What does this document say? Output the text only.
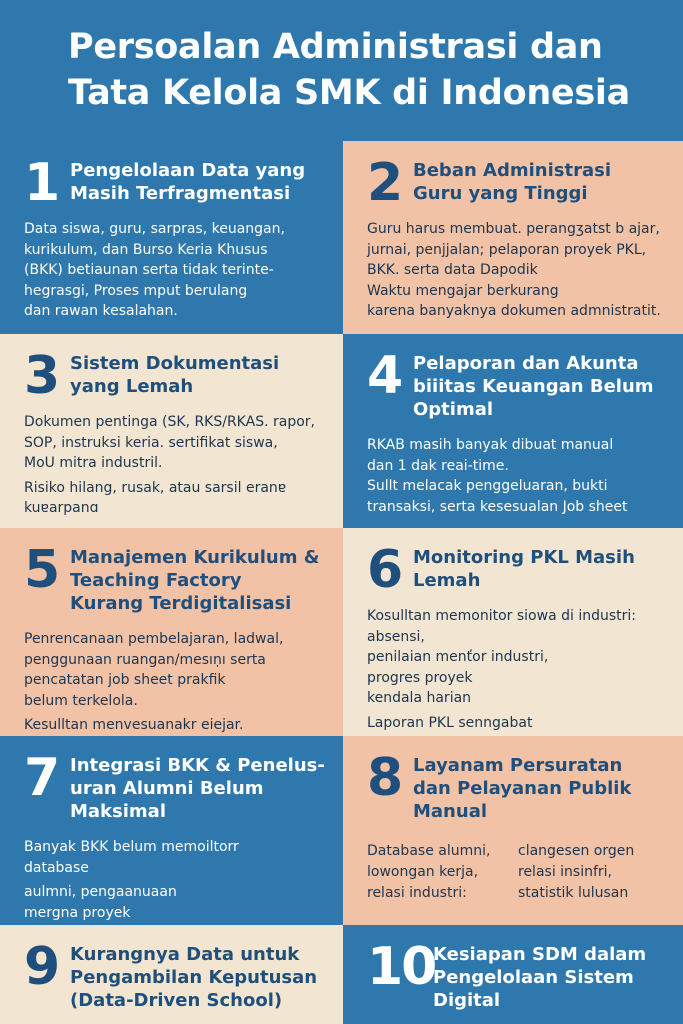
Persoalan Administrasi dan
Tata Kelola SMK di Indonesia
1 Pengelolaan Data yang
Masih Terfragmentasi

Data siswa, guru, sarpras, keuangan,

kurikulum, dan Burso Keria Khusus

(BKK) betiaunan serta tidak terinte-

hegrasgi, Proses mput berulang

dan rawan kesalahan.

2 Beban Administrasi
Guru yang Tinggi

Guru harus membuat. perangʒatst b ajar,

jurnai, penjjalan; pelaporan proyek PKL,

BKK. serta data Dapodik

Waktu mengajar berkurang

karena banyaknya dokumen admnistratit.

3 Sistem Dokumentasi
yang Lemah

Dokumen pentinga (SK, RKS/RKAS. rapor,

SOP, instruksi keria. sertifikat siswa,

MoU mitra industril.

Risiko hilang, rusak, atau sarsil eranɐ

kuɐarpanɑ

4 Pelaporan dan Akunta
biiitas Keuangan Belum
Optimal

RKAB masih banyak dibuat manual

dan 1 dak reai-time.

Sullt melacak penggeluaran, bukti

transaksi, serta kesesualan Job sheet

5 Manajemen Kurikulum &
Teaching Factory
Kurang Terdigitalisasi

Penrencanaan pembelajaran, ladwal,

penggunaan ruangan/mesıṇı serta

pencatatan job sheet prakfik

belum terkelola.

Kesulltan menvesuanakr eiejar.

6 Monitoring PKL Masih
Lemah

Kosulltan memonitor siowa di industri:

absensi,

penilaian menťor industri,

progres proyek

kendala harian

Laporan PKL senngabat

7 Integrasi BKK & Penelus-
uran Alumni Belum
Maksimal

Banyak BKK belum memoiltorr

database

aulmni, pengaanuaan

mergna proyek

8 Layanam Persuratan
dan Pelayanan Publik
Manual
Database alumni,
lowongan kerja,
relasi industri:
clangesen orgen
relasi insinfri,
statistik lulusan
9 Kurangnya Data untuk
Pengambilan Keputusan
(Data-Driven School)
10
Kesiapan SDM dalam
Pengelolaan Sistem
Digital
